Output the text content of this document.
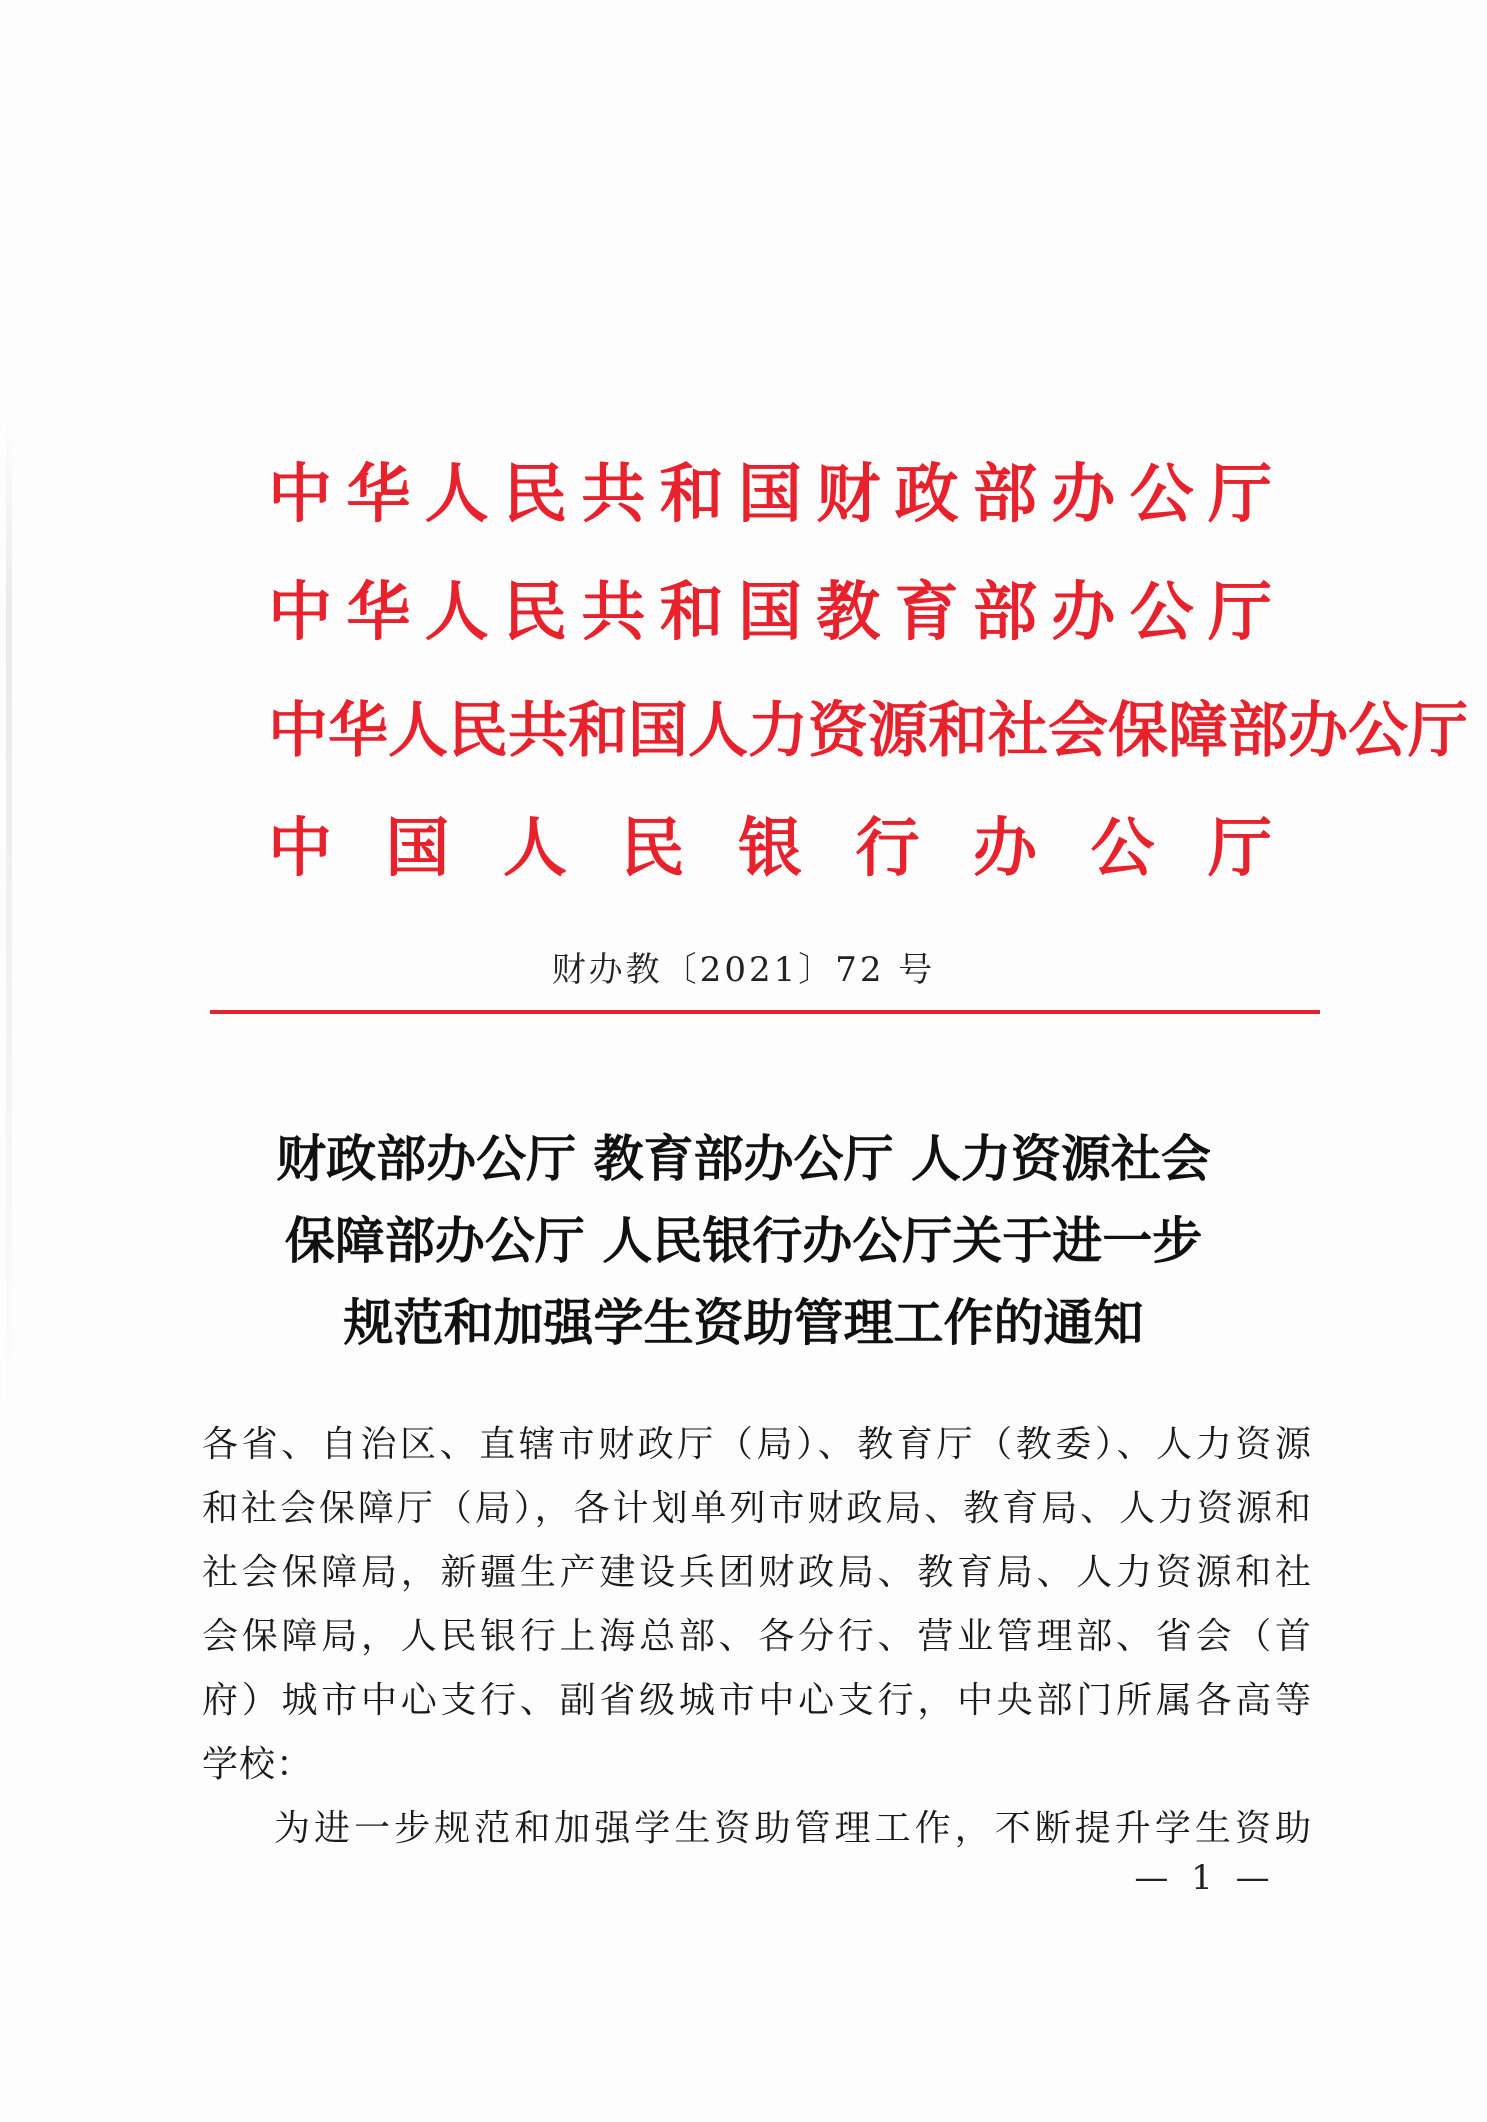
中 华 人 民 共 和 国 财 政 部 办 公 厅
中 华 人 民 共 和 国 教 育 部 办 公 厅
中 华 人 民 共 和 国 人 力 资 源 和 社 会 保 障 部 办 公 厅
中 国 人 民 银 行 办 公 厅
财办教〔2021〕72 号
财政部办公厅 教育部办公厅 人力资源社会
保障部办公厅 人民银行办公厅关于进一步
规范和加强学生资助管理工作的通知
各省、自治区、直辖市财政厅（局）、教育厅（教委）、人力资源
和社会保障厅（局），各计划单列市财政局、教育局、人力资源和
社会保障局，新疆生产建设兵团财政局、教育局、人力资源和社
会保障局，人民银行上海总部、各分行、营业管理部、省会（首
府）城市中心支行、副省级城市中心支行，中央部门所属各高等
学校：
为进一步规范和加强学生资助管理工作，不断提升学生资助
— 1 —
